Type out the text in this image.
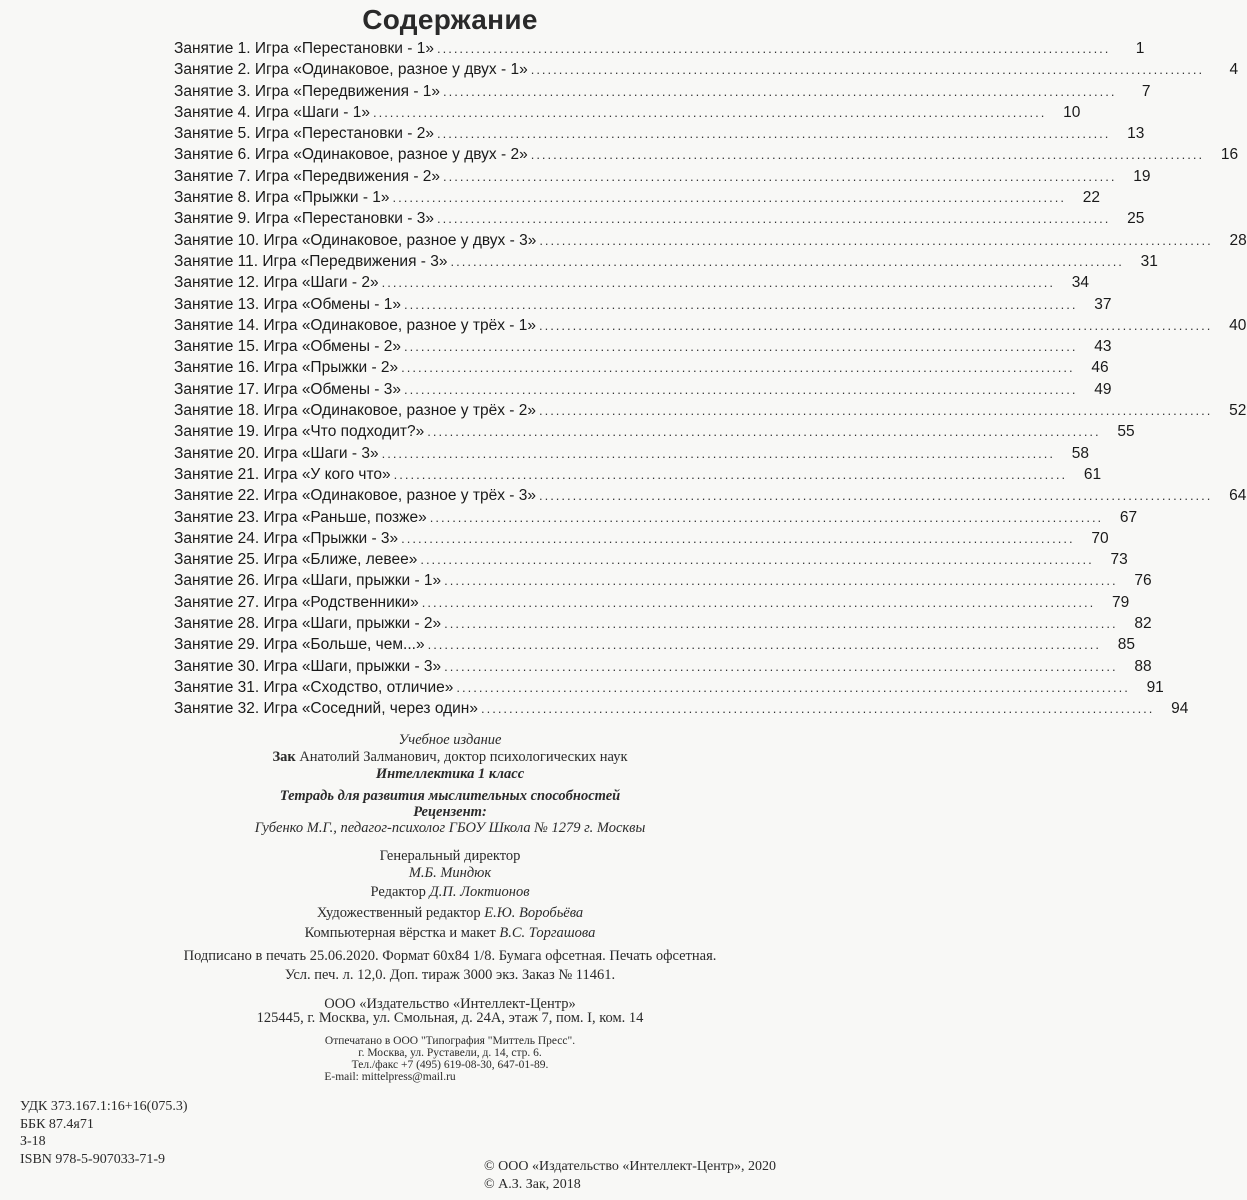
Содержание
Занятие 1. Игра «Перестановки - 1» ........................................................................................................................	1
Занятие 2. Игра «Одинаковое, разное у двух - 1» ........................................................................................................................	4
Занятие 3. Игра «Передвижения - 1» ........................................................................................................................	7
Занятие 4. Игра «Шаги - 1» ........................................................................................................................	10
Занятие 5. Игра «Перестановки - 2» ........................................................................................................................	13
Занятие 6. Игра «Одинаковое, разное у двух - 2» ........................................................................................................................	16
Занятие 7. Игра «Передвижения - 2» ........................................................................................................................	19
Занятие 8. Игра «Прыжки - 1» ........................................................................................................................	22
Занятие 9. Игра «Перестановки - 3» ........................................................................................................................	25
Занятие 10. Игра «Одинаковое, разное у двух - 3» ........................................................................................................................	28
Занятие 11. Игра «Передвижения - 3» ........................................................................................................................	31
Занятие 12. Игра «Шаги - 2» ........................................................................................................................	34
Занятие 13. Игра «Обмены - 1» ........................................................................................................................	37
Занятие 14. Игра «Одинаковое, разное у трёх - 1» ........................................................................................................................	40
Занятие 15. Игра «Обмены - 2» ........................................................................................................................	43
Занятие 16. Игра «Прыжки - 2» ........................................................................................................................	46
Занятие 17. Игра «Обмены - 3» ........................................................................................................................	49
Занятие 18. Игра «Одинаковое, разное у трёх - 2» ........................................................................................................................	52
Занятие 19. Игра «Что подходит?» ........................................................................................................................	55
Занятие 20. Игра «Шаги - 3» ........................................................................................................................	58
Занятие 21. Игра «У кого что» ........................................................................................................................	61
Занятие 22. Игра «Одинаковое, разное у трёх - 3» ........................................................................................................................	64
Занятие 23. Игра «Раньше, позже» ........................................................................................................................	67
Занятие 24. Игра «Прыжки - 3» ........................................................................................................................	70
Занятие 25. Игра «Ближе, левее» ........................................................................................................................	73
Занятие 26. Игра «Шаги, прыжки - 1» ........................................................................................................................	76
Занятие 27. Игра «Родственники» ........................................................................................................................	79
Занятие 28. Игра «Шаги, прыжки - 2» ........................................................................................................................	82
Занятие 29. Игра «Больше, чем...» ........................................................................................................................	85
Занятие 30. Игра «Шаги, прыжки - 3» ........................................................................................................................	88
Занятие 31. Игра «Сходство, отличие» ........................................................................................................................	91
Занятие 32. Игра «Соседний, через один» ........................................................................................................................	94
Учебное издание
Зак Анатолий Залманович, доктор психологических наук
Интеллектика 1 класс
Тетрадь для развития мыслительных способностей
Рецензент:
Губенко М.Г., педагог-психолог ГБОУ Школа № 1279 г. Москвы
Генеральный директор
М.Б. Миндюк
Редактор Д.П. Локтионов
Художественный редактор Е.Ю. Воробьёва
Компьютерная вёрстка и макет В.С. Торгашова
Подписано в печать 25.06.2020. Формат 60x84 1/8. Бумага офсетная. Печать офсетная.
Усл. печ. л. 12,0. Доп. тираж 3000 экз. Заказ № 11461.
ООО «Издательство «Интеллект-Центр»
125445, г. Москва, ул. Смольная, д. 24А, этаж 7, пом. I, ком. 14
Отпечатано в ООО "Типография "Миттель Пресс".
г. Москва, ул. Руставели, д. 14, стр. 6.
Тел./факс +7 (495) 619-08-30, 647-01-89.
E-mail: mittelpress@mail.ru
УДК 373.167.1:16+16(075.3)
ББК 87.4я71
З-18
ISBN 978-5-907033-71-9	© ООО «Издательство «Интеллект-Центр», 2020
© А.З. Зак, 2018
